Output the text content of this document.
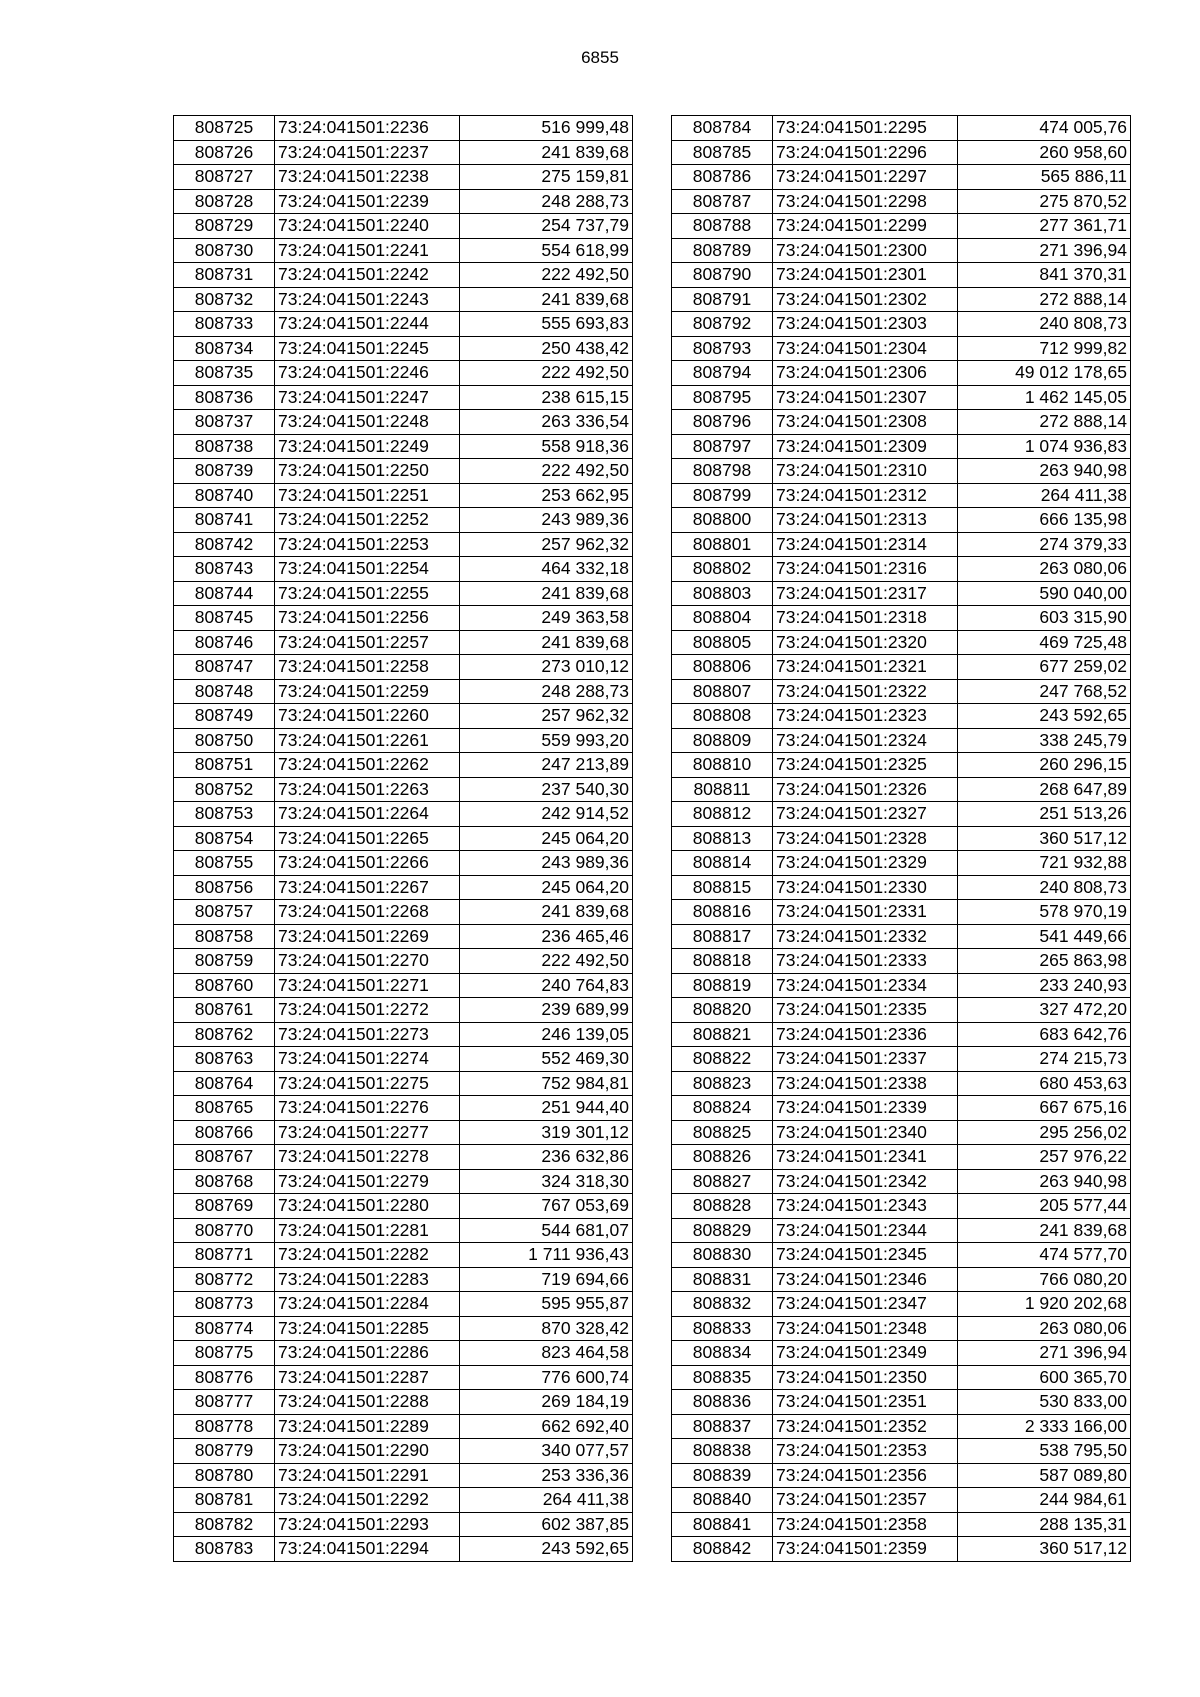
6855
808725	73:24:041501:2236	516 999,48
808726	73:24:041501:2237	241 839,68
808727	73:24:041501:2238	275 159,81
808728	73:24:041501:2239	248 288,73
808729	73:24:041501:2240	254 737,79
808730	73:24:041501:2241	554 618,99
808731	73:24:041501:2242	222 492,50
808732	73:24:041501:2243	241 839,68
808733	73:24:041501:2244	555 693,83
808734	73:24:041501:2245	250 438,42
808735	73:24:041501:2246	222 492,50
808736	73:24:041501:2247	238 615,15
808737	73:24:041501:2248	263 336,54
808738	73:24:041501:2249	558 918,36
808739	73:24:041501:2250	222 492,50
808740	73:24:041501:2251	253 662,95
808741	73:24:041501:2252	243 989,36
808742	73:24:041501:2253	257 962,32
808743	73:24:041501:2254	464 332,18
808744	73:24:041501:2255	241 839,68
808745	73:24:041501:2256	249 363,58
808746	73:24:041501:2257	241 839,68
808747	73:24:041501:2258	273 010,12
808748	73:24:041501:2259	248 288,73
808749	73:24:041501:2260	257 962,32
808750	73:24:041501:2261	559 993,20
808751	73:24:041501:2262	247 213,89
808752	73:24:041501:2263	237 540,30
808753	73:24:041501:2264	242 914,52
808754	73:24:041501:2265	245 064,20
808755	73:24:041501:2266	243 989,36
808756	73:24:041501:2267	245 064,20
808757	73:24:041501:2268	241 839,68
808758	73:24:041501:2269	236 465,46
808759	73:24:041501:2270	222 492,50
808760	73:24:041501:2271	240 764,83
808761	73:24:041501:2272	239 689,99
808762	73:24:041501:2273	246 139,05
808763	73:24:041501:2274	552 469,30
808764	73:24:041501:2275	752 984,81
808765	73:24:041501:2276	251 944,40
808766	73:24:041501:2277	319 301,12
808767	73:24:041501:2278	236 632,86
808768	73:24:041501:2279	324 318,30
808769	73:24:041501:2280	767 053,69
808770	73:24:041501:2281	544 681,07
808771	73:24:041501:2282	1 711 936,43
808772	73:24:041501:2283	719 694,66
808773	73:24:041501:2284	595 955,87
808774	73:24:041501:2285	870 328,42
808775	73:24:041501:2286	823 464,58
808776	73:24:041501:2287	776 600,74
808777	73:24:041501:2288	269 184,19
808778	73:24:041501:2289	662 692,40
808779	73:24:041501:2290	340 077,57
808780	73:24:041501:2291	253 336,36
808781	73:24:041501:2292	264 411,38
808782	73:24:041501:2293	602 387,85
808783	73:24:041501:2294	243 592,65
808784	73:24:041501:2295	474 005,76
808785	73:24:041501:2296	260 958,60
808786	73:24:041501:2297	565 886,11
808787	73:24:041501:2298	275 870,52
808788	73:24:041501:2299	277 361,71
808789	73:24:041501:2300	271 396,94
808790	73:24:041501:2301	841 370,31
808791	73:24:041501:2302	272 888,14
808792	73:24:041501:2303	240 808,73
808793	73:24:041501:2304	712 999,82
808794	73:24:041501:2306	49 012 178,65
808795	73:24:041501:2307	1 462 145,05
808796	73:24:041501:2308	272 888,14
808797	73:24:041501:2309	1 074 936,83
808798	73:24:041501:2310	263 940,98
808799	73:24:041501:2312	264 411,38
808800	73:24:041501:2313	666 135,98
808801	73:24:041501:2314	274 379,33
808802	73:24:041501:2316	263 080,06
808803	73:24:041501:2317	590 040,00
808804	73:24:041501:2318	603 315,90
808805	73:24:041501:2320	469 725,48
808806	73:24:041501:2321	677 259,02
808807	73:24:041501:2322	247 768,52
808808	73:24:041501:2323	243 592,65
808809	73:24:041501:2324	338 245,79
808810	73:24:041501:2325	260 296,15
808811	73:24:041501:2326	268 647,89
808812	73:24:041501:2327	251 513,26
808813	73:24:041501:2328	360 517,12
808814	73:24:041501:2329	721 932,88
808815	73:24:041501:2330	240 808,73
808816	73:24:041501:2331	578 970,19
808817	73:24:041501:2332	541 449,66
808818	73:24:041501:2333	265 863,98
808819	73:24:041501:2334	233 240,93
808820	73:24:041501:2335	327 472,20
808821	73:24:041501:2336	683 642,76
808822	73:24:041501:2337	274 215,73
808823	73:24:041501:2338	680 453,63
808824	73:24:041501:2339	667 675,16
808825	73:24:041501:2340	295 256,02
808826	73:24:041501:2341	257 976,22
808827	73:24:041501:2342	263 940,98
808828	73:24:041501:2343	205 577,44
808829	73:24:041501:2344	241 839,68
808830	73:24:041501:2345	474 577,70
808831	73:24:041501:2346	766 080,20
808832	73:24:041501:2347	1 920 202,68
808833	73:24:041501:2348	263 080,06
808834	73:24:041501:2349	271 396,94
808835	73:24:041501:2350	600 365,70
808836	73:24:041501:2351	530 833,00
808837	73:24:041501:2352	2 333 166,00
808838	73:24:041501:2353	538 795,50
808839	73:24:041501:2356	587 089,80
808840	73:24:041501:2357	244 984,61
808841	73:24:041501:2358	288 135,31
808842	73:24:041501:2359	360 517,12
